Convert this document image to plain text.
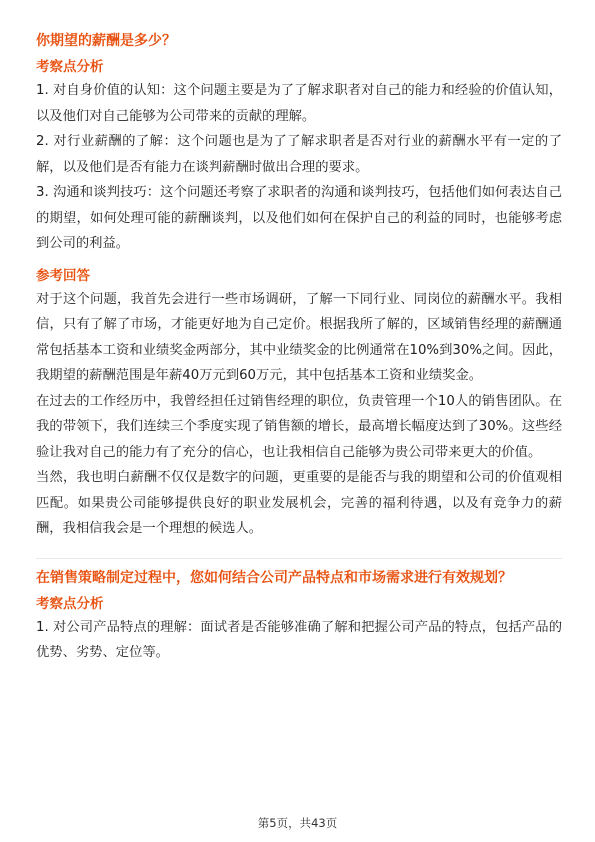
你期望的薪酬是多少？
考察点分析
1. 对自身价值的认知：这个问题主要是为了了解求职者对自己的能力和经验的价值认知，以及他们对自己能够为公司带来的贡献的理解。
2. 对行业薪酬的了解：这个问题也是为了了解求职者是否对行业的薪酬水平有一定的了解，以及他们是否有能力在谈判薪酬时做出合理的要求。
3. 沟通和谈判技巧：这个问题还考察了求职者的沟通和谈判技巧，包括他们如何表达自己的期望，如何处理可能的薪酬谈判，以及他们如何在保护自己的利益的同时，也能够考虑到公司的利益。
参考回答
对于这个问题，我首先会进行一些市场调研，了解一下同行业、同岗位的薪酬水平。我相信，只有了解了市场，才能更好地为自己定价。根据我所了解的，区域销售经理的薪酬通常包括基本工资和业绩奖金两部分，其中业绩奖金的比例通常在10%到30%之间。因此，我期望的薪酬范围是年薪40万元到60万元，其中包括基本工资和业绩奖金。
在过去的工作经历中，我曾经担任过销售经理的职位，负责管理一个10人的销售团队。在我的带领下，我们连续三个季度实现了销售额的增长，最高增长幅度达到了30%。这些经验让我对自己的能力有了充分的信心，也让我相信自己能够为贵公司带来更大的价值。
当然，我也明白薪酬不仅仅是数字的问题，更重要的是能否与我的期望和公司的价值观相匹配。如果贵公司能够提供良好的职业发展机会，完善的福利待遇，以及有竞争力的薪酬，我相信我会是一个理想的候选人。
在销售策略制定过程中，您如何结合公司产品特点和市场需求进行有效规划？
考察点分析
1. 对公司产品特点的理解：面试者是否能够准确了解和把握公司产品的特点，包括产品的优势、劣势、定位等。
第5页，共43页
